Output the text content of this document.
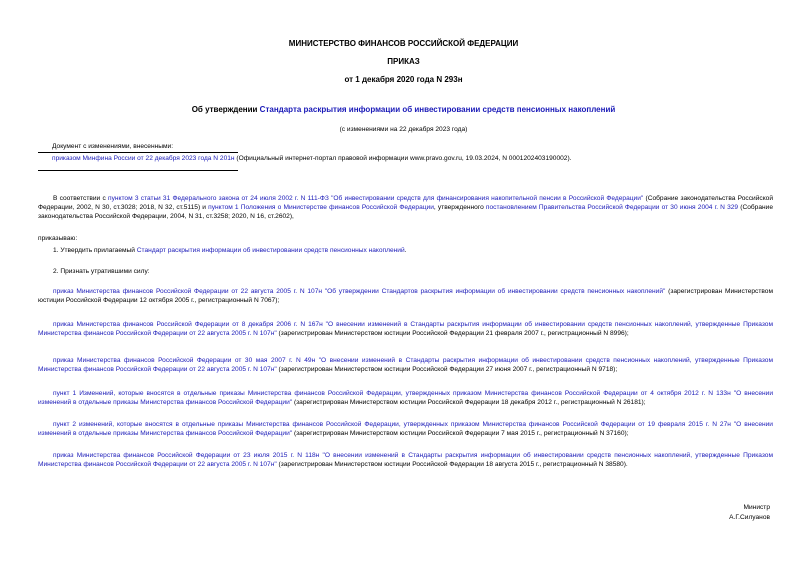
МИНИСТЕРСТВО ФИНАНСОВ РОССИЙСКОЙ ФЕДЕРАЦИИ
ПРИКАЗ
от 1 декабря 2020 года N 293н
Об утверждении Стандарта раскрытия информации об инвестировании средств пенсионных накоплений
(с изменениями на 22 декабря 2023 года)
Документ с изменениями, внесенными:
приказом Минфина России от 22 декабря 2023 года N 201н (Официальный интернет-портал правовой информации www.pravo.gov.ru, 19.03.2024, N 0001202403190002).
В соответствии с пунктом 3 статьи 31 Федерального закона от 24 июля 2002 г. N 111-ФЗ "Об инвестировании средств для финансирования накопительной пенсии в Российской Федерации" (Собрание законодательства Российской Федерации, 2002, N 30, ст.3028; 2018, N 32, ст.5115) и пунктом 1 Положения о Министерстве финансов Российской Федерации, утвержденного постановлением Правительства Российской Федерации от 30 июня 2004 г. N 329 (Собрание законодательства Российской Федерации, 2004, N 31, ст.3258; 2020, N 16, ст.2602),
приказываю:
1. Утвердить прилагаемый Стандарт раскрытия информации об инвестировании средств пенсионных накоплений.
2. Признать утратившими силу:
приказ Министерства финансов Российской Федерации от 22 августа 2005 г. N 107н "Об утверждении Стандартов раскрытия информации об инвестировании средств пенсионных накоплений" (зарегистрирован Министерством юстиции Российской Федерации 12 октября 2005 г., регистрационный N 7067);
приказ Министерства финансов Российской Федерации от 8 декабря 2006 г. N 167н "О внесении изменений в Стандарты раскрытия информации об инвестировании средств пенсионных накоплений, утвержденные Приказом Министерства финансов Российской Федерации от 22 августа 2005 г. N 107н" (зарегистрирован Министерством юстиции Российской Федерации 21 февраля 2007 г., регистрационный N 8996);
приказ Министерства финансов Российской Федерации от 30 мая 2007 г. N 49н "О внесении изменений в Стандарты раскрытия информации об инвестировании средств пенсионных накоплений, утвержденные Приказом Министерства финансов Российской Федерации от 22 августа 2005 г. N 107н" (зарегистрирован Министерством юстиции Российской Федерации 27 июня 2007 г., регистрационный N 9718);
пункт 1 Изменений, которые вносятся в отдельные приказы Министерства финансов Российской Федерации, утвержденных приказом Министерства финансов Российской Федерации от 4 октября 2012 г. N 133н "О внесении изменений в отдельные приказы Министерства финансов Российской Федерации" (зарегистрирован Министерством юстиции Российской Федерации 18 декабря 2012 г., регистрационный N 26181);
пункт 2 изменений, которые вносятся в отдельные приказы Министерства финансов Российской Федерации, утвержденных приказом Министерства финансов Российской Федерации от 19 февраля 2015 г. N 27н "О внесении изменений в отдельные приказы Министерства финансов Российской Федерации" (зарегистрирован Министерством юстиции Российской Федерации 7 мая 2015 г., регистрационный N 37160);
приказ Министерства финансов Российской Федерации от 23 июля 2015 г. N 118н "О внесении изменений в Стандарты раскрытия информации об инвестировании средств пенсионных накоплений, утвержденные Приказом Министерства финансов Российской Федерации от 22 августа 2005 г. N 107н" (зарегистрирован Министерством юстиции Российской Федерации 18 августа 2015 г., регистрационный N 38580).
Министр
А.Г.Силуанов
